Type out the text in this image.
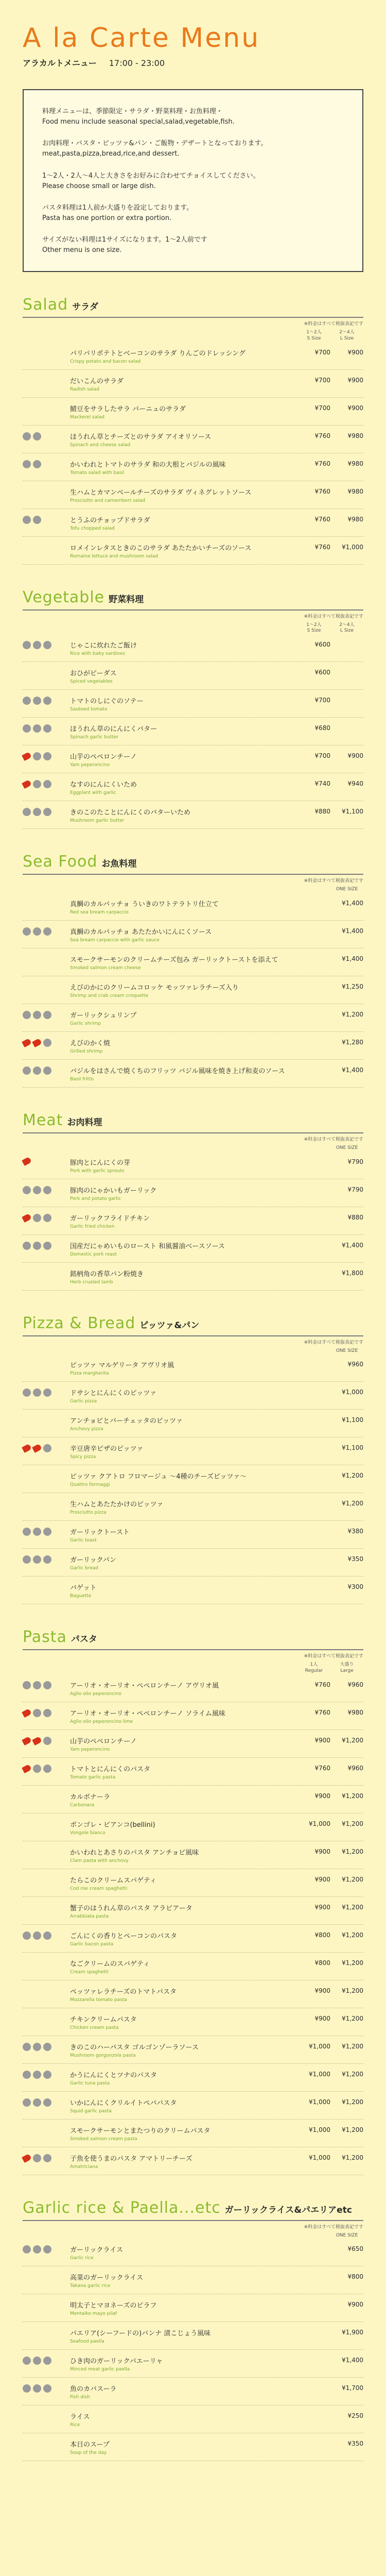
A la Carte Menu
アラカルトメニュー 17:00 - 23:00

料理メニューは、季節限定・サラダ・野菜料理・お魚料理・
Food menu include seasonal special,salad,vegetable,fish.

お肉料理・パスタ・ピッツァ&パン・ご飯物・デザートとなっております。
meat,pasta,pizza,bread,rice,and dessert.

1〜2人・2人〜4人と大きさをお好みに合わせてチョイスしてください。
Please choose small or large dish.

パスタ料理は1人前か大盛りを設定しております。
Pasta has one portion or extra portion.

サイズがない料理は1サイズになります。1〜2人前です
Other menu is one size.

Salad サラダ
※料金はすべて税抜表記です
1〜2人
S Size
2〜4人
L Size
パリパリポテトとベーコンのサラダ りんごのドレッシング
Crispy potato and bacon salad
¥700	¥900
だいこんのサラダ
Radish salad
¥700	¥900
鯖豆をサラしたサラ パーニュのサラダ
Mackerel salad
¥700	¥900
ほうれん草とチーズとのサラダ アイオリソース
Spinach and cheese salad
¥760	¥980
かいわれとトマトのサラダ 和の大根とバジルの風味
Tomato salad with basil
¥760	¥980
生ハムとカマンベールチーズのサラダ ヴィネグレットソース
Prosciutto and camembert salad
¥760	¥980
とうふのチョップドサラダ
Tofu chopped salad
¥760	¥980
ロメインレタスときのこのサラダ あたたかいチーズのソース
Romaine lettuce and mushroom salad
¥760	¥1,000
Vegetable 野菜料理
※料金はすべて税抜表記です
1〜2人
S Size
2〜4人
L Size
じゃこに炊れたご飯け
Rice with baby sardines
¥600
おひがピーダス
Spiced vegetables
¥600
トマトのしにぐのソテー
Sauteed tomato
¥700
ほうれん草のにんにくバター
Spinach garlic butter
¥680
山芋のペペロンチーノ
Yam peperoncino
¥700	¥900
なすのにんにくいため
Eggplant with garlic
¥740	¥940
きのこのたことにんにくのバターいため
Mushroom garlic butter
¥880	¥1,100
Sea Food お魚料理
※料金はすべて税抜表記です
ONE SIZE
真鯛のカルパッチョ ういきのワトテラトリ仕立て
Red sea bream carpaccio
¥1,400
真鯛のカルパッチョ あたたかいにんにくソース
Sea bream carpaccio with garlic sauce
¥1,400
スモークサーモンのクリームチーズ包み ガーリックトーストを添えて
Smoked salmon cream cheese
¥1,400
えびのかにのクリームコロッケ モッツァレラチーズ入り
Shrimp and crab cream croquette
¥1,250
ガーリックシュリンプ
Garlic shrimp
¥1,200
えびのかく焼
Grilled shrimp
¥1,280
バジルをはさんで焼くちのフリッツ バジル風味を焼き上げ和麦のソース
Basil fritto
¥1,400
Meat お肉料理
※料金はすべて税抜表記です
ONE SIZE
豚肉とにんにくの芽
Pork with garlic sprouts
¥790
豚肉のにゃかいもガーリック
Pork and potato garlic
¥790
ガーリックフライドチキン
Garlic fried chicken
¥880
国産だにゃめいものロースト 和風醤油ベースソース
Domestic pork roast
¥1,400
銘柄角の香草パン粉焼き
Herb crusted lamb
¥1,800
Pizza & Bread ピッツァ&パン
※料金はすべて税抜表記です
ONE SIZE
ピッツァ マルゲリータ アヴリオ風
Pizza margherita
¥960
ドサシとにんにくのピッツァ
Garlic pizza
¥1,000
アンチョビとバーチェッタのピッツァ
Anchovy pizza
¥1,100
辛豆唐辛ピザのピッツァ
Spicy pizza
¥1,100
ピッツァ クアトロ フロマージュ 〜4種のチーズピッツァ〜
Quattro formaggi
¥1,200
生ハムとあたたかけのピッツァ
Prosciutto pizza
¥1,200
ガーリックトースト
Garlic toast
¥380
ガーリックパン
Garlic bread
¥350
バゲット
Baguette
¥300
Pasta パスタ
※料金はすべて税抜表記です
1人
Regular
大盛り
Large
アーリオ・オーリオ・ペペロンチーノ アヴリオ風
Aglio olio peperoncino
¥760	¥960
アーリオ・オーリオ・ペペロンチーノ ソライム風味
Aglio olio peperoncino lime
¥760	¥980
山芋のペペロンチーノ
Yam peperoncino
¥900	¥1,200
トマトとにんにくのパスタ
Tomato garlic pasta
¥760	¥960
カルボナーラ
Carbonara
¥900	¥1,200
ボンゴレ・ビアンコ(bellini)
Vongole bianco
¥1,000	¥1,200
かいわれとあさりのパスタ アンチョビ風味
Clam pasta with anchovy
¥900	¥1,200
たらこのクリームスパゲティ
Cod roe cream spaghetti
¥900	¥1,200
蟹子のはうれん草のパスタ アラビアータ
Arrabbiata pasta
¥900	¥1,200
ごんにくの香りとペーコンのパスタ
Garlic bacon pasta
¥800	¥1,200
なごクリームのスパゲティ
Cream spaghetti
¥800	¥1,200
ペッツァレラチーズのトマトパスタ
Mozzarella tomato pasta
¥900	¥1,200
チキンクリームパスタ
Chicken cream pasta
¥900	¥1,200
きのこのハーバスタ ゴルゴンゾーラソース
Mushroom gorgonzola pasta
¥1,000	¥1,200
かうにんにくとツナのパスタ
Garlic tuna pasta
¥1,000	¥1,200
いかにんにくクリルイトペパパスタ
Squid garlic pasta
¥1,000	¥1,200
スモークサーモンとまたつりのクリームパスタ
Smoked salmon cream pasta
¥1,000	¥1,200
子魚を使うまのパスタ アマトリーチーズ
Amatriciana
¥1,000	¥1,200
Garlic rice & Paella...etc ガーリックライス&パエリアetc
※料金はすべて税抜表記です
ONE SIZE
ガーリックライス
Garlic rice
¥650
高菜のガーリックライス
Takana garlic rice
¥800
明太子とマヨネーズのピラフ
Mentaiko mayo pilaf
¥900
パエリア(シーフードの)パンナ 漬こじょう風味
Seafood paella
¥1,900
ひき肉のガーリックパエーリャ
Minced meat garlic paella
¥1,400
魚のカバスーラ
Fish dish
¥1,700
ライス
Rice
¥250
本日のスープ
Soup of the day
¥350
